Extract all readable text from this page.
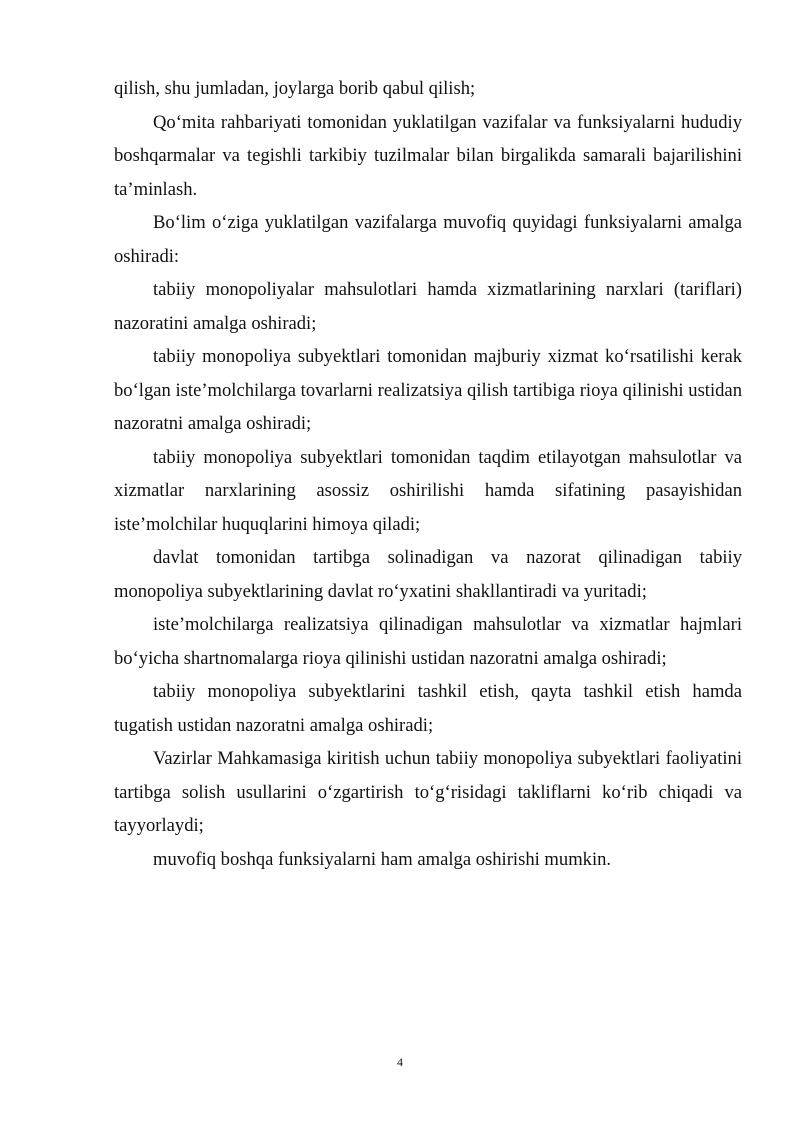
qilish, shu jumladan, joylarga borib qabul qilish;

Qo‘mita rahbariyati tomonidan yuklatilgan vazifalar va funksiyalarni hududiy boshqarmalar va tegishli tarkibiy tuzilmalar bilan birgalikda samarali bajarilishini ta’minlash.

Bo‘lim o‘ziga yuklatilgan vazifalarga muvofiq quyidagi funksiyalarni amalga oshiradi:

tabiiy monopoliyalar mahsulotlari hamda xizmatlarining narxlari (tariflari) nazoratini amalga oshiradi;

tabiiy monopoliya subyektlari tomonidan majburiy xizmat ko‘rsatilishi kerak bo‘lgan iste’molchilarga tovarlarni realizatsiya qilish tartibiga rioya qilinishi ustidan nazoratni amalga oshiradi;

tabiiy monopoliya subyektlari tomonidan taqdim etilayotgan mahsulotlar va xizmatlar narxlarining asossiz oshirilishi hamda sifatining pasayishidan iste’molchilar huquqlarini himoya qiladi;

davlat tomonidan tartibga solinadigan va nazorat qilinadigan tabiiy monopoliya subyektlarining davlat ro‘yxatini shakllantiradi va yuritadi;

iste’molchilarga realizatsiya qilinadigan mahsulotlar va xizmatlar hajmlari bo‘yicha shartnomalarga rioya qilinishi ustidan nazoratni amalga oshiradi;

tabiiy monopoliya subyektlarini tashkil etish, qayta tashkil etish hamda tugatish ustidan nazoratni amalga oshiradi;

Vazirlar Mahkamasiga kiritish uchun tabiiy monopoliya subyektlari faoliyatini tartibga solish usullarini o‘zgartirish to‘g‘risidagi takliflarni ko‘rib chiqadi va tayyorlaydi;

muvofiq boshqa funksiyalarni ham amalga oshirishi mumkin.

4
